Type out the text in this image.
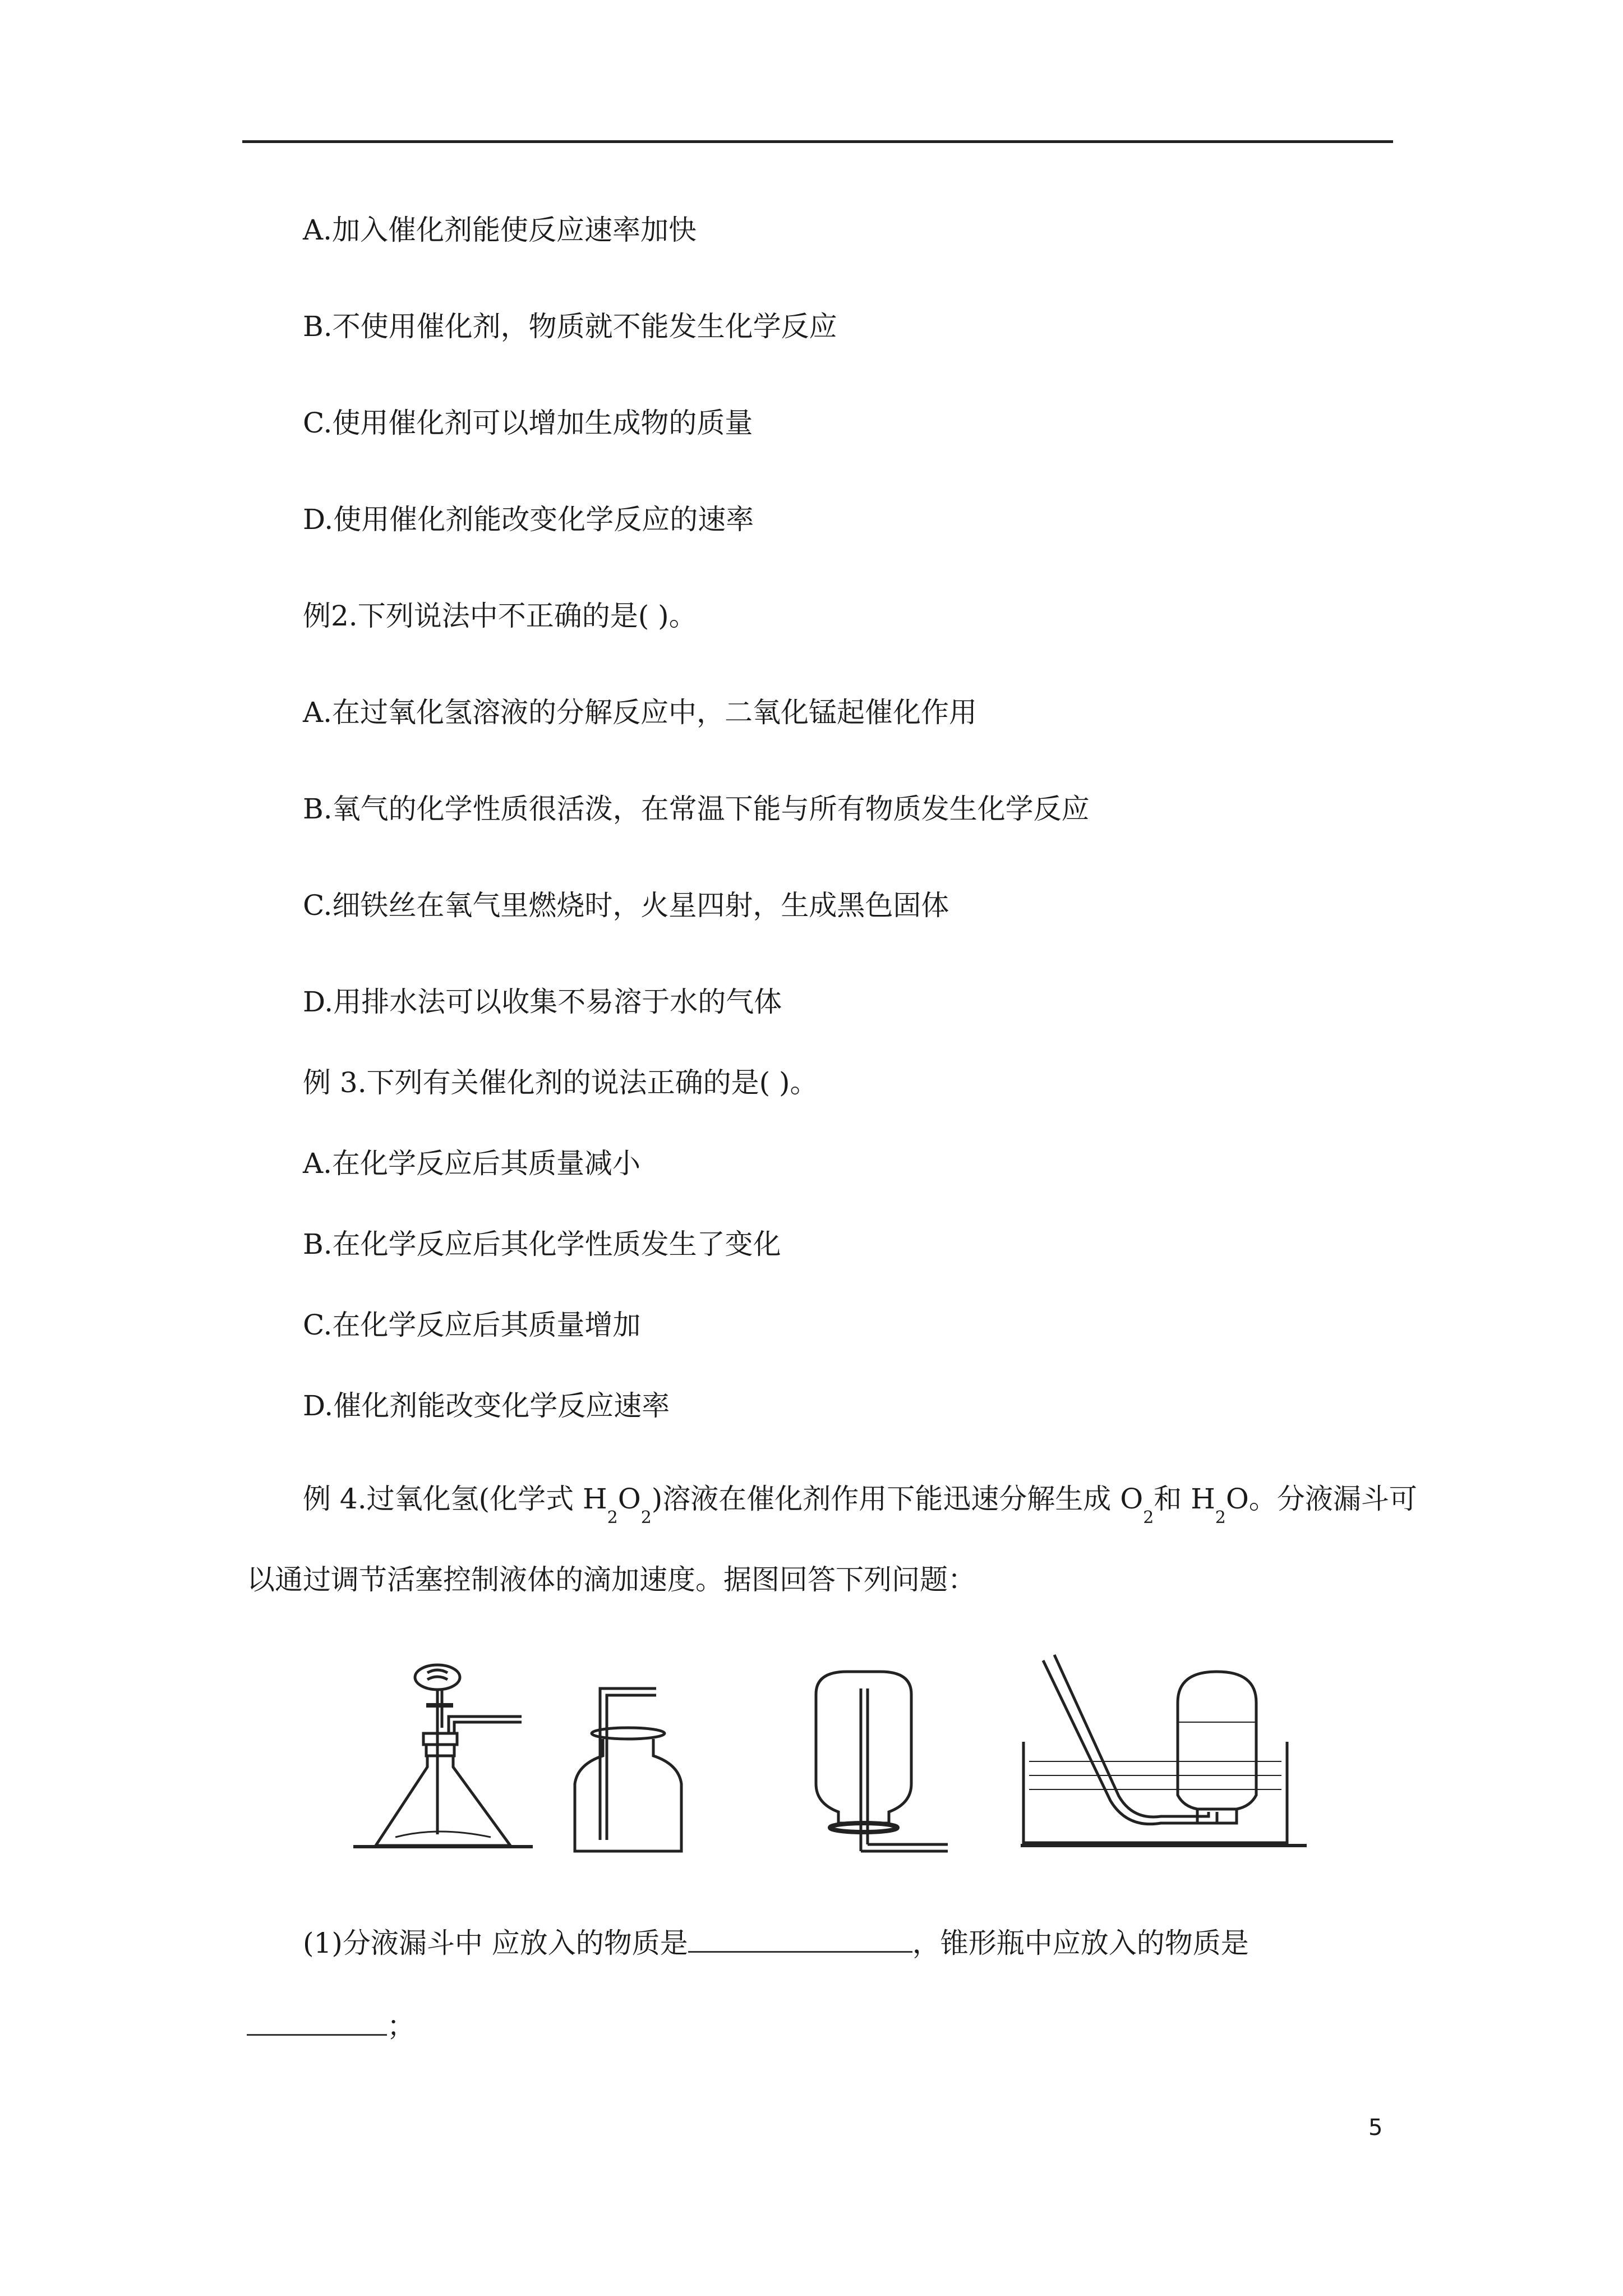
A.加入催化剂能使反应速率加快
B.不使用催化剂，物质就不能发生化学反应
C.使用催化剂可以增加生成物的质量
D.使用催化剂能改变化学反应的速率
例2.下列说法中不正确的是( )。
A.在过氧化氢溶液的分解反应中，二氧化锰起催化作用
B.氧气的化学性质很活泼，在常温下能与所有物质发生化学反应
C.细铁丝在氧气里燃烧时，火星四射，生成黑色固体
D.用排水法可以收集不易溶于水的气体
例 3.下列有关催化剂的说法正确的是( )。
A.在化学反应后其质量减小
B.在化学反应后其化学性质发生了变化
C.在化学反应后其质量增加
D.催化剂能改变化学反应速率
例 4.过氧化氢(化学式 $H_2O_2$)溶液在催化剂作用下能迅速分解生成 $O_2$和 $H_2O$。分液漏斗可
以通过调节活塞控制液体的滴加速度。据图回答下列问题：
(1)分液漏斗中 应放入的物质是	，锥形瓶中应放入的物质是
；
5
